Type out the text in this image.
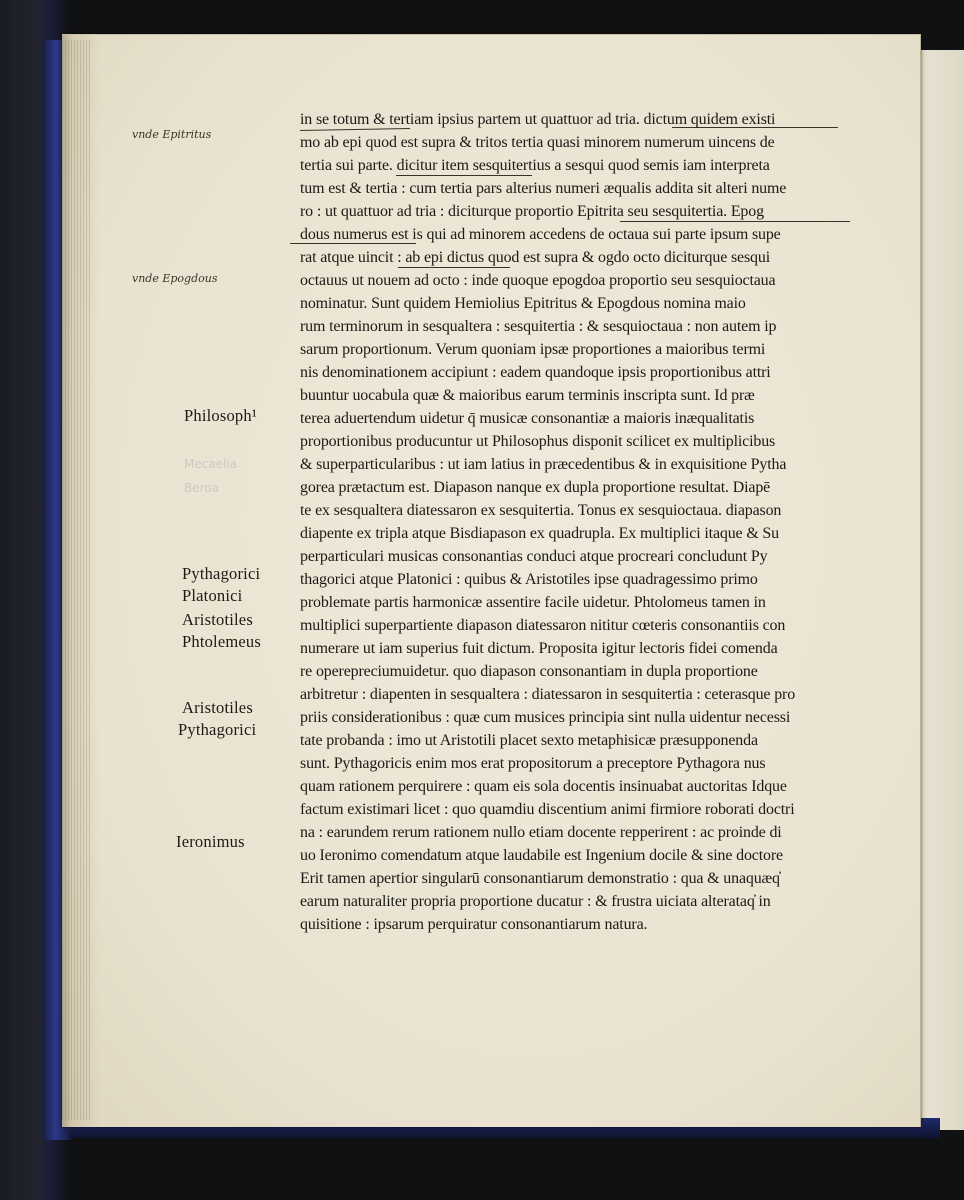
vnde Epitritus
vnde Epogdous
Philosoph¹
Pythagorici
Platonici
Aristotiles
Phtolemeus
Aristotiles
Pythagorici
Ieronimus
in se totum & tertiam ipsius partem ut quattuor ad tria. dictum quidem existi
mo ab epi quod est supra & tritos tertia quasi minorem numerum uincens de
tertia sui parte. dicitur item sesquitertius a sesqui quod semis iam interpreta
tum est & tertia : cum tertia pars alterius numeri æqualis addita sit alteri nume
ro : ut quattuor ad tria : diciturque proportio Epitrita seu sesquitertia. Epog
dous numerus est is qui ad minorem accedens de octaua sui parte ipsum supe
rat atque uincit : ab epi dictus quod est supra & ogdo octo diciturque sesqui
octauus ut nouem ad octo : inde quoque epogdoa proportio seu sesquioctaua
nominatur. Sunt quidem Hemiolius Epitritus & Epogdous nomina maio
rum terminorum in sesqualtera : sesquitertia : & sesquioctaua : non autem ip
sarum proportionum. Verum quoniam ipsæ proportiones a maioribus termi
nis denominationem accipiunt : eadem quandoque ipsis proportionibus attri
buuntur uocabula quæ & maioribus earum terminis inscripta sunt. Id præ
terea aduertendum uidetur q̄ musicæ consonantiæ a maioris inæqualitatis
proportionibus producuntur ut Philosophus disponit scilicet ex multiplicibus
& superparticularibus : ut iam latius in præcedentibus & in exquisitione Pytha
gorea prætactum est. Diapason nanque ex dupla proportione resultat. Diapē
te ex sesqualtera diatessaron ex sesquitertia. Tonus ex sesquioctaua. diapason
diapente ex tripla atque Bisdiapason ex quadrupla. Ex multiplici itaque & Su
perparticulari musicas consonantias conduci atque procreari concludunt Py
thagorici atque Platonici : quibus & Aristotiles ipse quadragessimo primo
problemate partis harmonicæ assentire facile uidetur. Phtolomeus tamen in
multiplici superpartiente diapason diatessaron nititur cœteris consonantiis con
numerare ut iam superius fuit dictum. Proposita igitur lectoris fidei comenda
re operepreciumuidetur. quo diapason consonantiam in dupla proportione
arbitretur : diapenten in sesqualtera : diatessaron in sesquitertia : ceterasque pro
priis considerationibus : quæ cum musices principia sint nulla uidentur necessi
tate probanda : imo ut Aristotili placet sexto metaphisicæ præsupponenda
sunt. Pythagoricis enim mos erat propositorum a preceptore Pythagora nus
quam rationem perquirere : quam eis sola docentis insinuabat auctoritas Idque
factum existimari licet : quo quamdiu discentium animi firmiore roborati doctri
na : earundem rerum rationem nullo etiam docente repperirent : ac proinde di
uo Ieronimo comendatum atque laudabile est Ingenium docile & sine doctore
Erit tamen apertior singularū consonantiarum demonstratio : qua & unaquæq̓
earum naturaliter propria proportione ducatur : & frustra uiciata alterataq̓ in
quisitione : ipsarum perquiratur consonantiarum natura.
Mecaelia
Beroa
